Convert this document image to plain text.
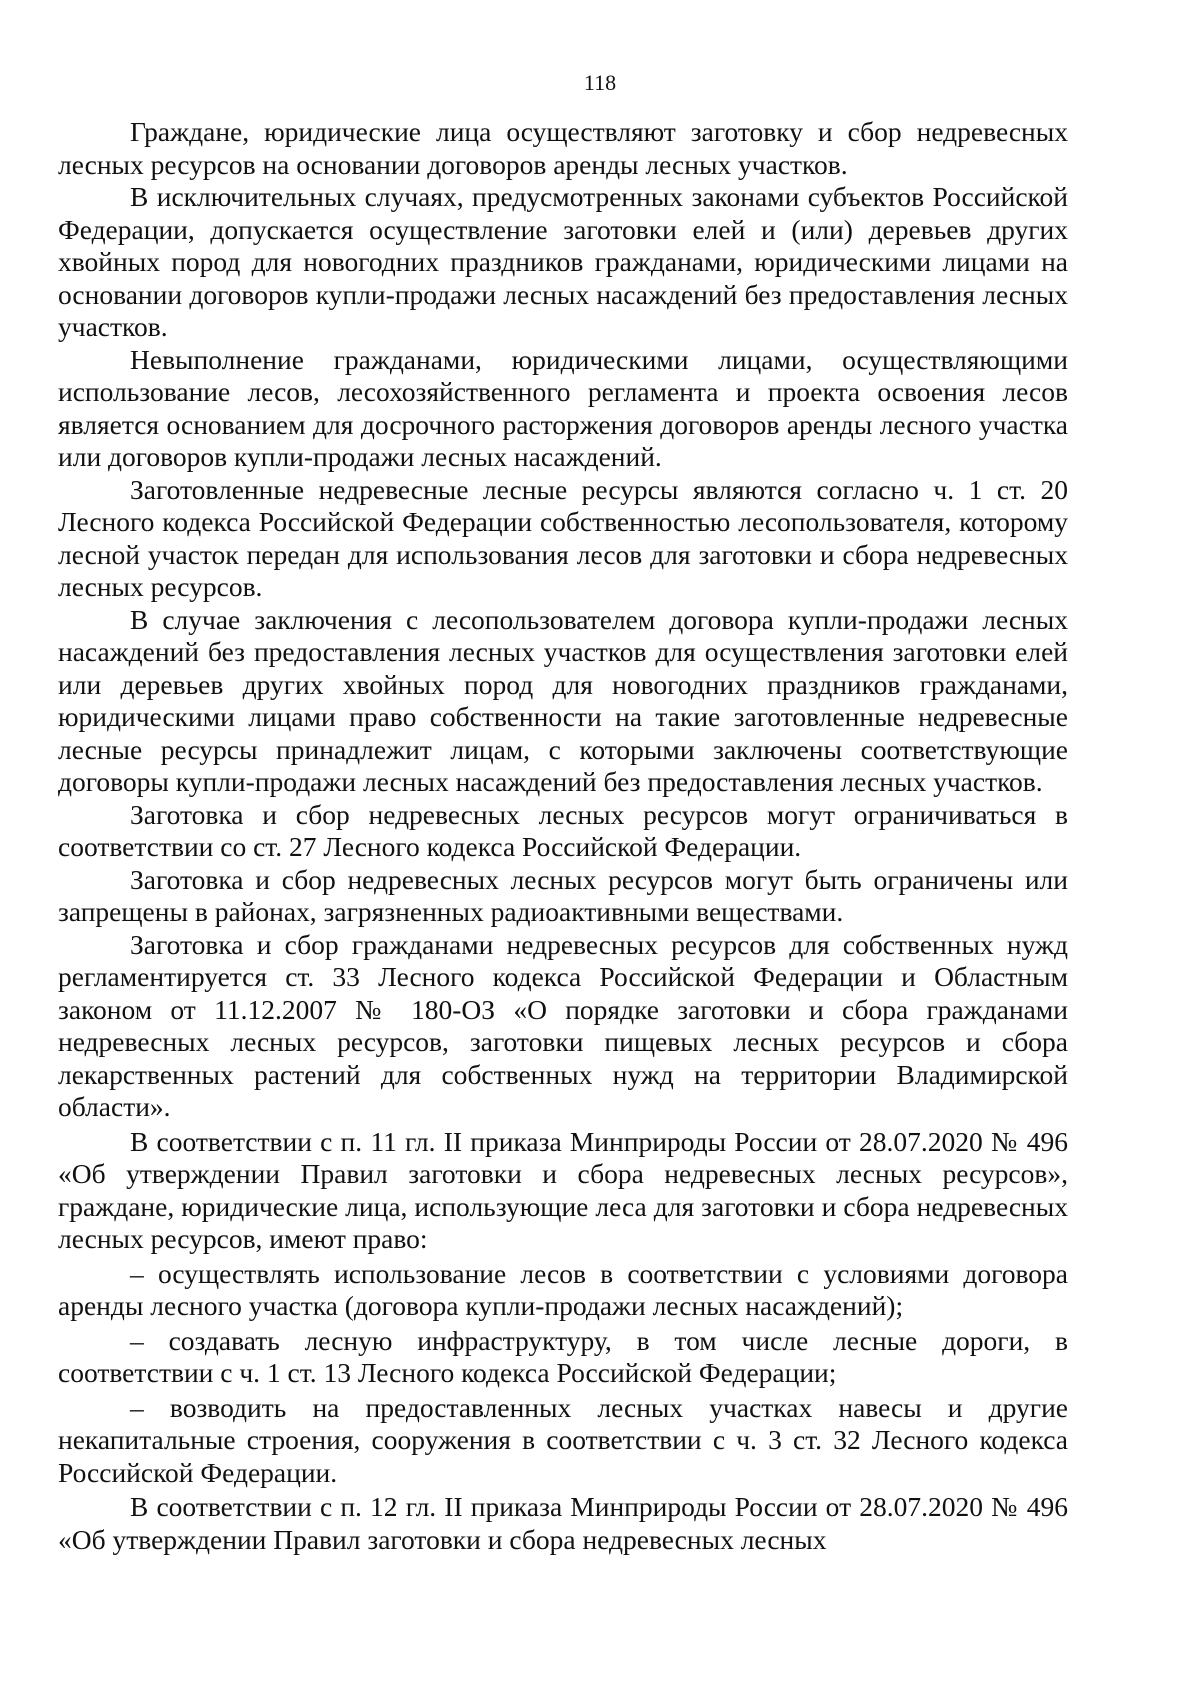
118

Граждане, юридические лица осуществляют заготовку и сбор недревесных лесных ресурсов на основании договоров аренды лесных участков.

В исключительных случаях, предусмотренных законами субъектов Российской Федерации, допускается осуществление заготовки елей и (или) деревьев других хвойных пород для новогодних праздников гражданами, юридическими лицами на основании договоров купли-продажи лесных насаждений без предоставления лесных участков.

Невыполнение гражданами, юридическими лицами, осуществляющими использование лесов, лесохозяйственного регламента и проекта освоения лесов является основанием для досрочного расторжения договоров аренды лесного участка или договоров купли-продажи лесных насаждений.

Заготовленные недревесные лесные ресурсы являются согласно ч. 1 ст. 20 Лесного кодекса Российской Федерации собственностью лесопользователя, которому лесной участок передан для использования лесов для заготовки и сбора недревесных лесных ресурсов.

В случае заключения с лесопользователем договора купли-продажи лесных насаждений без предоставления лесных участков для осуществления заготовки елей или деревьев других хвойных пород для новогодних праздников гражданами, юридическими лицами право собственности на такие заготовленные недревесные лесные ресурсы принадлежит лицам, с которыми заключены соответствующие договоры купли-продажи лесных насаждений без предоставления лесных участков.

Заготовка и сбор недревесных лесных ресурсов могут ограничиваться в соответствии со ст. 27 Лесного кодекса Российской Федерации.

Заготовка и сбор недревесных лесных ресурсов могут быть ограничены или запрещены в районах, загрязненных радиоактивными веществами.

Заготовка и сбор гражданами недревесных ресурсов для собственных нужд регламентируется ст. 33 Лесного кодекса Российской Федерации и Областным законом от 11.12.2007 № 180-ОЗ «О порядке заготовки и сбора гражданами недревесных лесных ресурсов, заготовки пищевых лесных ресурсов и сбора лекарственных растений для собственных нужд на территории Владимирской области».

В соответствии с п. 11 гл. II приказа Минприроды России от 28.07.2020 № 496 «Об утверждении Правил заготовки и сбора недревесных лесных ресурсов», граждане, юридические лица, использующие леса для заготовки и сбора недревесных лесных ресурсов, имеют право:

– осуществлять использование лесов в соответствии с условиями договора аренды лесного участка (договора купли-продажи лесных насаждений);

– создавать лесную инфраструктуру, в том числе лесные дороги, в соответствии с ч. 1 ст. 13 Лесного кодекса Российской Федерации;

– возводить на предоставленных лесных участках навесы и другие некапитальные строения, сооружения в соответствии с ч. 3 ст. 32 Лесного кодекса Российской Федерации.

В соответствии с п. 12 гл. II приказа Минприроды России от 28.07.2020 № 496 «Об утверждении Правил заготовки и сбора недревесных лесных
